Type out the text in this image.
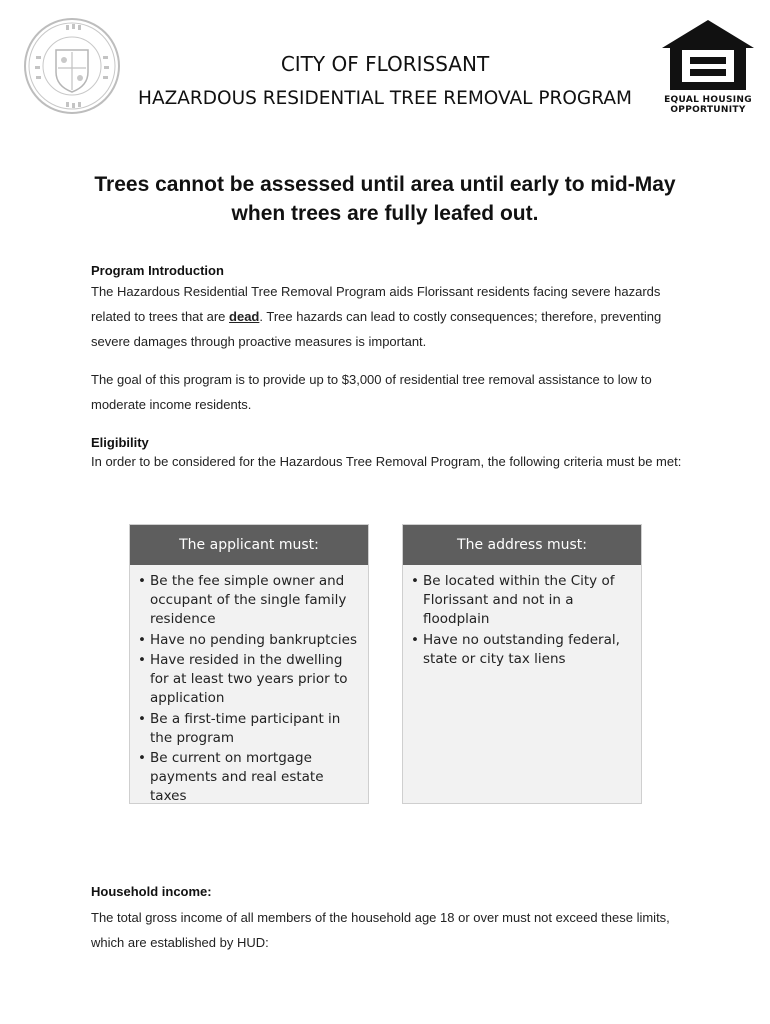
EQUAL HOUSING
OPPORTUNITY
CITY OF FLORISSANT
HAZARDOUS RESIDENTIAL TREE REMOVAL PROGRAM
Trees cannot be assessed until area until early to mid-May when trees are fully leafed out.
Program Introduction
The Hazardous Residential Tree Removal Program aids Florissant residents facing severe hazards related to trees that are dead. Tree hazards can lead to costly consequences; therefore, preventing severe damages through proactive measures is important.
The goal of this program is to provide up to $3,000 of residential tree removal assistance to low to moderate income residents.
Eligibility
In order to be considered for the Hazardous Tree Removal Program, the following criteria must be met:
The applicant must:
• Be the fee simple owner and occupant of the single family residence
• Have no pending bankruptcies
• Have resided in the dwelling for at least two years prior to application
• Be a first-time participant in the program
• Be current on mortgage payments and real estate taxes
The address must:
• Be located within the City of Florissant and not in a floodplain
• Have no outstanding federal, state or city tax liens
Household income:
The total gross income of all members of the household age 18 or over must not exceed these limits, which are established by HUD:
